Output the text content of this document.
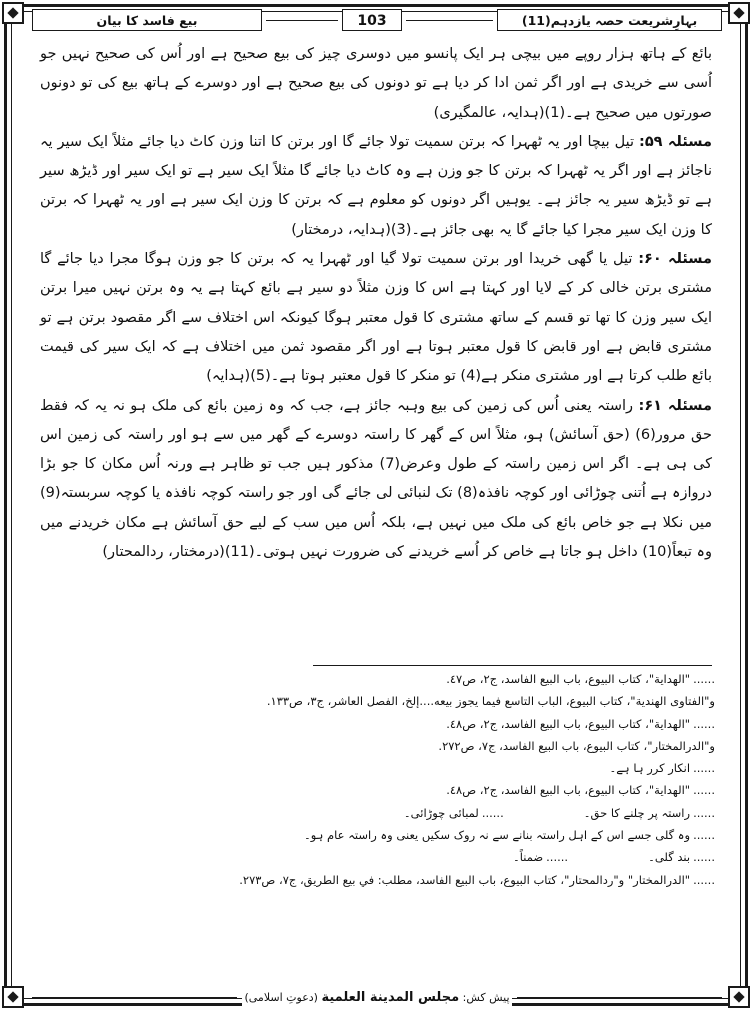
بہارِشریعت حصہ یازدہم(11)
103
بیع فاسد کا بیان

بائع کے ہاتھ ہزار روپے میں بیچی ہر ایک پانسو میں دوسری چیز کی بیع صحیح ہے اور اُس کی صحیح نہیں جو اُسی سے خریدی ہے اور اگر ثمن ادا کر دیا ہے تو دونوں کی بیع صحیح ہے اور دوسرے کے ہاتھ بیع کی تو دونوں صورتوں میں صحیح ہے۔(1)(ہدایہ، عالمگیری)

مسئلہ ۵۹: تیل بیچا اور یہ ٹھہرا کہ برتن سمیت تولا جائے گا اور برتن کا اتنا وزن کاٹ دیا جائے مثلاً ایک سیر یہ ناجائز ہے اور اگر یہ ٹھہرا کہ برتن کا جو وزن ہے وہ کاٹ دیا جائے گا مثلاً ایک سیر ہے تو ایک سیر اور ڈیڑھ سیر ہے تو ڈیڑھ سیر یہ جائز ہے۔ یوہیں اگر دونوں کو معلوم ہے کہ برتن کا وزن ایک سیر ہے اور یہ ٹھہرا کہ برتن کا وزن ایک سیر مجرا کیا جائے گا یہ بھی جائز ہے۔(3)(ہدایہ، درمختار)

مسئلہ ۶۰: تیل یا گھی خریدا اور برتن سمیت تولا گیا اور ٹھہرا یہ کہ برتن کا جو وزن ہوگا مجرا دیا جائے گا مشتری برتن خالی کر کے لایا اور کہتا ہے اس کا وزن مثلاً دو سیر ہے بائع کہتا ہے یہ وہ برتن نہیں میرا برتن ایک سیر وزن کا تھا تو قسم کے ساتھ مشتری کا قول معتبر ہوگا کیونکہ اس اختلاف سے اگر مقصود برتن ہے تو مشتری قابض ہے اور قابض کا قول معتبر ہوتا ہے اور اگر مقصود ثمن میں اختلاف ہے کہ ایک سیر کی قیمت بائع طلب کرتا ہے اور مشتری منکر ہے(4) تو منکر کا قول معتبر ہوتا ہے۔(5)(ہدایہ)

مسئلہ ۶۱: راستہ یعنی اُس کی زمین کی بیع وہبہ جائز ہے، جب کہ وہ زمین بائع کی ملک ہو نہ یہ کہ فقط حق مرور(6) (حق آسائش) ہو، مثلاً اس کے گھر کا راستہ دوسرے کے گھر میں سے ہو اور راستہ کی زمین اس کی ہی ہے۔ اگر اس زمین راستہ کے طول وعرض(7) مذکور ہیں جب تو ظاہر ہے ورنہ اُس مکان کا جو بڑا دروازہ ہے اُتنی چوڑائی اور کوچہ نافذہ(8) تک لنبائی لی جائے گی اور جو راستہ کوچہ نافذہ یا کوچہ سربستہ(9) میں نکلا ہے جو خاص بائع کی ملک میں نہیں ہے، بلکہ اُس میں سب کے لیے حق آسائش ہے مکان خریدنے میں وہ تبعاً(10) داخل ہو جاتا ہے خاص کر اُسے خریدنے کی ضرورت نہیں ہوتی۔(11)(درمختار، ردالمحتار)

......"الهداية"، كتاب البيوع، باب البيع الفاسد، ج٢، ص٤٧.
و"الفتاوى الهندية"، كتاب البيوع، الباب التاسع فيما يجوز بيعه....إلخ، الفصل العاشر، ج٣، ص١٣٣.
......"الهداية"، كتاب البيوع، باب البيع الفاسد، ج٢، ص٤٨.
و"الدرالمختار"، كتاب البيوع، باب البيع الفاسد، ج٧، ص٢٧٢.
......انکار کرر ہا ہے۔
......"الهداية"، كتاب البيوع، باب البيع الفاسد، ج٢، ص٤٨.
......راستہ پر چلنے کا حق۔......لمبائی چوڑائی۔
......وہ گلی جسے اس کے اہل راستہ بنانے سے نہ روک سکیں یعنی وہ راستہ عام ہو۔
......بند گلی۔......ضمناً۔
......"الدرالمختار" و"ردالمحتار"، كتاب البيوع، باب البيع الفاسد، مطلب: في بيع الطريق، ج٧، ص٢٧٣.
پیش کش: مجلس المدينة العلمية (دعوتِ اسلامی)
